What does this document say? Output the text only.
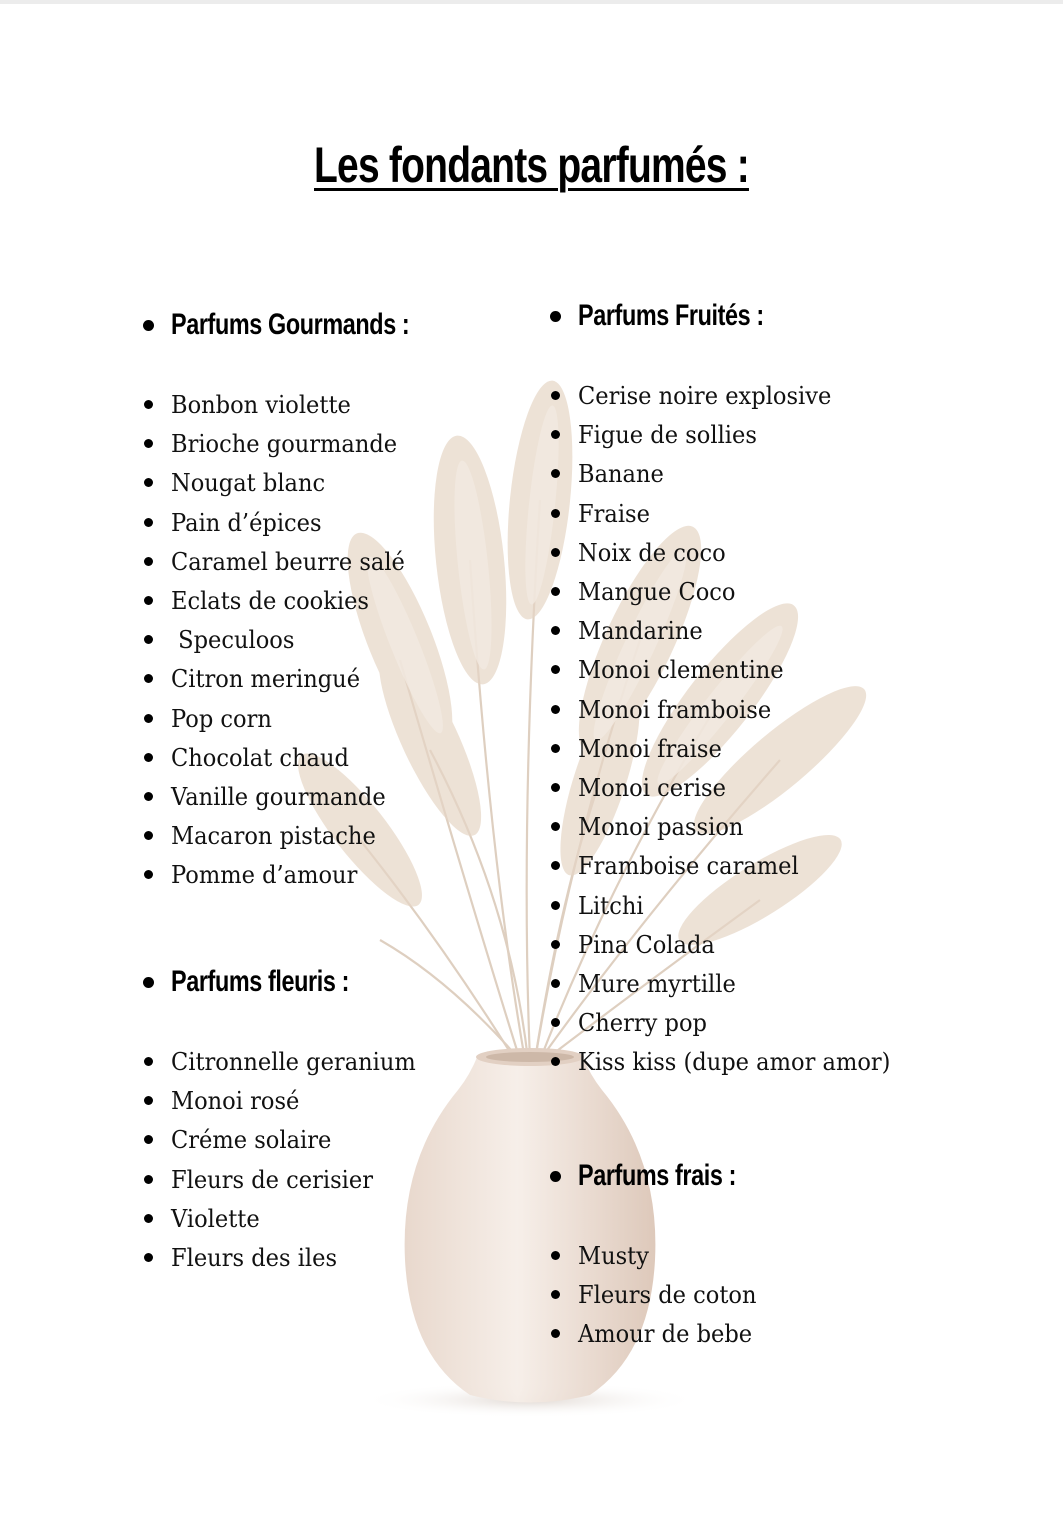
Les fondants parfumés :
Parfums Gourmands :
Bonbon violette
Brioche gourmande
Nougat blanc
Pain d’épices
Caramel beurre salé
Eclats de cookies
Speculoos
Citron meringué
Pop corn
Chocolat chaud
Vanille gourmande
Macaron pistache
Pomme d’amour
Parfums fleuris :
Citronnelle geranium
Monoi rosé
Créme solaire
Fleurs de cerisier
Violette
Fleurs des iles
Parfums Fruités :
Cerise noire explosive
Figue de sollies
Banane
Fraise
Noix de coco
Mangue Coco
Mandarine
Monoi clementine
Monoi framboise
Monoi fraise
Monoi cerise
Monoi passion
Framboise caramel
Litchi
Pina Colada
Mure myrtille
Cherry pop
Kiss kiss (dupe amor amor)
Parfums frais :
Musty
Fleurs de coton
Amour de bebe
